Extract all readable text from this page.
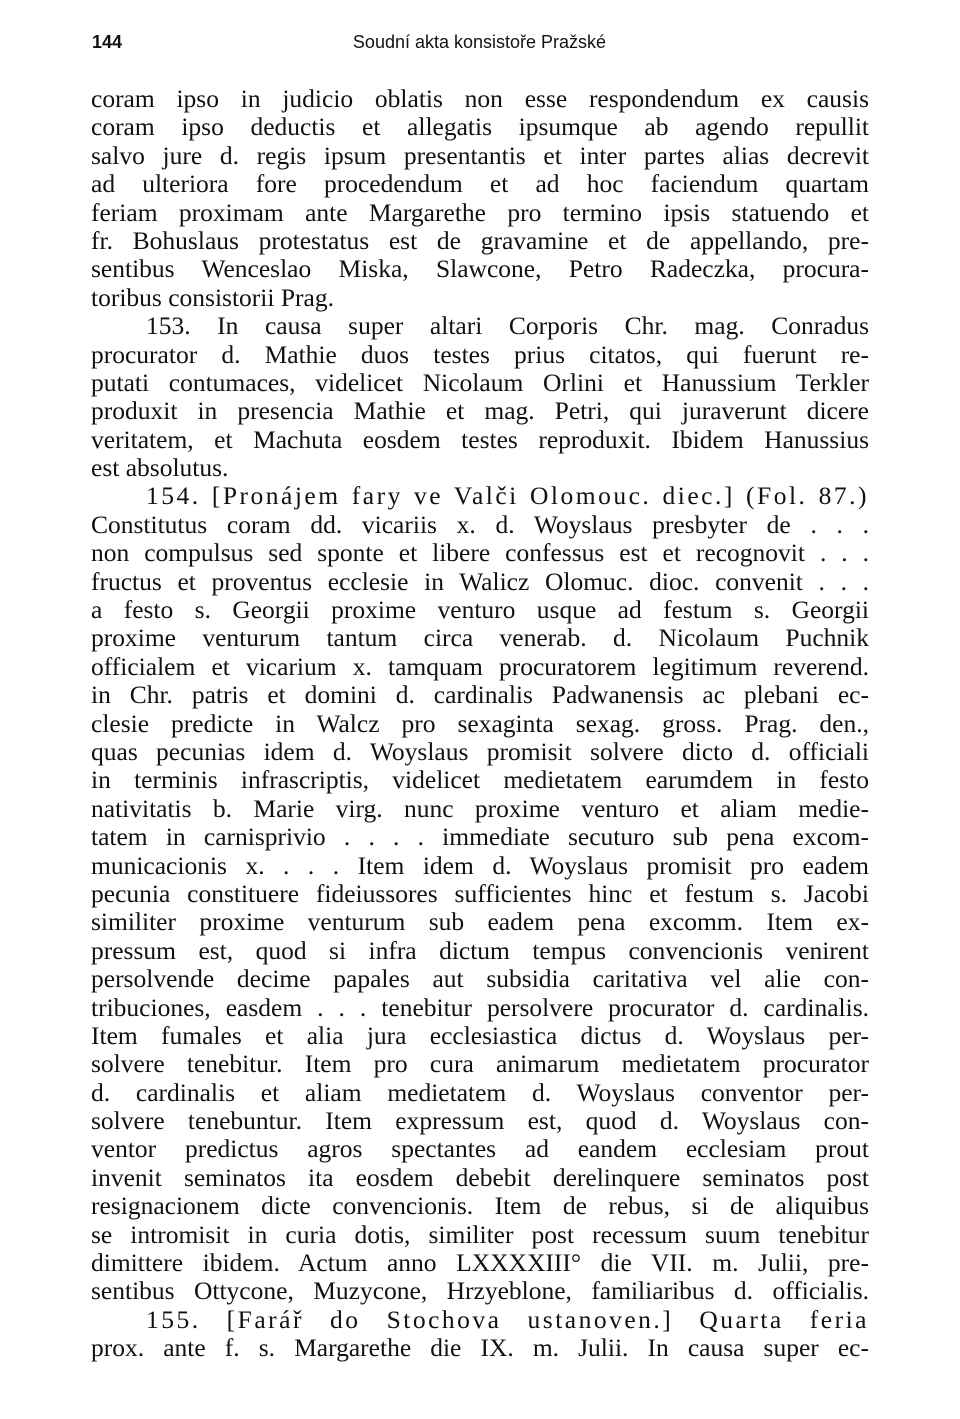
144	Soudní akta konsistoře Pražské
coram ipso in judicio oblatis non esse respondendum ex causis
coram ipso deductis et allegatis ipsumque ab agendo repullit
salvo jure d. regis ipsum presentantis et inter partes alias decrevit
ad ulteriora fore procedendum et ad hoc faciendum quartam
feriam proximam ante Margarethe pro termino ipsis statuendo et
fr. Bohuslaus protestatus est de gravamine et de appellando, pre-
sentibus Wenceslao Miska, Slawcone, Petro Radeczka, procura-
toribus consistorii Prag.
153. In causa super altari Corporis Chr. mag. Conradus
procurator d. Mathie duos testes prius citatos, qui fuerunt re-
putati contumaces, videlicet Nicolaum Orlini et Hanussium Terkler
produxit in presencia Mathie et mag. Petri, qui juraverunt dicere
veritatem, et Machuta eosdem testes reproduxit. Ibidem Hanussius
est absolutus.
154. [Pronájem fary ve Valči Olomouc. diec.] (Fol. 87.)
Constitutus coram dd. vicariis x. d. Woyslaus presbyter de . . .
non compulsus sed sponte et libere confessus est et recognovit . . .
fructus et proventus ecclesie in Walicz Olomuc. dioc. convenit . . .
a festo s. Georgii proxime venturo usque ad festum s. Georgii
proxime venturum tantum circa venerab. d. Nicolaum Puchnik
officialem et vicarium x. tamquam procuratorem legitimum reverend.
in Chr. patris et domini d. cardinalis Padwanensis ac plebani ec-
clesie predicte in Walcz pro sexaginta sexag. gross. Prag. den.,
quas pecunias idem d. Woyslaus promisit solvere dicto d. officiali
in terminis infrascriptis, videlicet medietatem earumdem in festo
nativitatis b. Marie virg. nunc proxime venturo et aliam medie-
tatem in carnisprivio . . . . immediate secuturo sub pena excom-
municacionis x. . . . Item idem d. Woyslaus promisit pro eadem
pecunia constituere fideiussores sufficientes hinc et festum s. Jacobi
similiter proxime venturum sub eadem pena excomm. Item ex-
pressum est, quod si infra dictum tempus convencionis venirent
persolvende decime papales aut subsidia caritativa vel alie con-
tribuciones, easdem . . . tenebitur persolvere procurator d. cardinalis.
Item fumales et alia jura ecclesiastica dictus d. Woyslaus per-
solvere tenebitur. Item pro cura animarum medietatem procurator
d. cardinalis et aliam medietatem d. Woyslaus conventor per-
solvere tenebuntur. Item expressum est, quod d. Woyslaus con-
ventor predictus agros spectantes ad eandem ecclesiam prout
invenit seminatos ita eosdem debebit derelinquere seminatos post
resignacionem dicte convencionis. Item de rebus, si de aliquibus
se intromisit in curia dotis, similiter post recessum suum tenebitur
dimittere ibidem. Actum anno LXXXXIII° die VII. m. Julii, pre-
sentibus Ottycone, Muzycone, Hrzyeblone, familiaribus d. officialis.
155. [Farář do Stochova ustanoven.] Quarta feria
prox. ante f. s. Margarethe die IX. m. Julii. In causa super ec-
